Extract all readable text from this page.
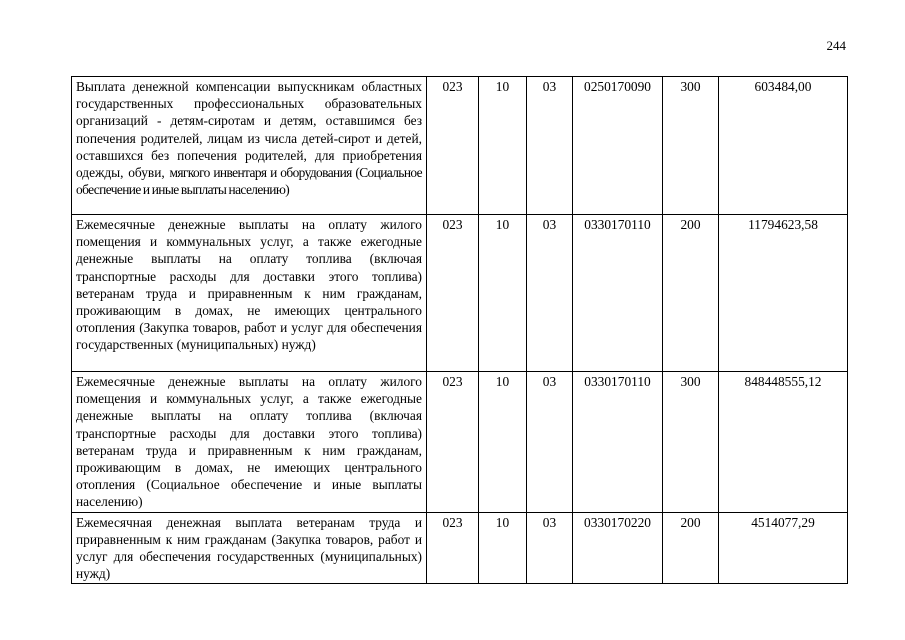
244
Выплата денежной компенсации выпускникам областных государственных профессиональных образовательных организаций - детям-сиротам и детям, оставшимся без попечения родителей, лицам из числа детей-сирот и детей, оставшихся без попечения родителей, для приобретения одежды, обуви, мягкого инвентаря и оборудования (Социальное обеспечение и иные выплаты населению)	023	10	03	0250170090	300	603484,00
Ежемесячные денежные выплаты на оплату жилого помещения и коммунальных услуг, а также ежегодные денежные выплаты на оплату топлива (включая транспортные расходы для доставки этого топлива) ветеранам труда и приравненным к ним гражданам, проживающим в домах, не имеющих центрального отопления (Закупка товаров, работ и услуг для обеспечения государственных (муниципальных) нужд)	023	10	03	0330170110	200	11794623,58
Ежемесячные денежные выплаты на оплату жилого помещения и коммунальных услуг, а также ежегодные денежные выплаты на оплату топлива (включая транспортные расходы для доставки этого топлива) ветеранам труда и приравненным к ним гражданам, проживающим в домах, не имеющих центрального отопления (Социальное обеспечение и иные выплаты населению)	023	10	03	0330170110	300	848448555,12
Ежемесячная денежная выплата ветеранам труда и приравненным к ним гражданам (Закупка товаров, работ и услуг для обеспечения государственных (муниципальных) нужд)	023	10	03	0330170220	200	4514077,29
